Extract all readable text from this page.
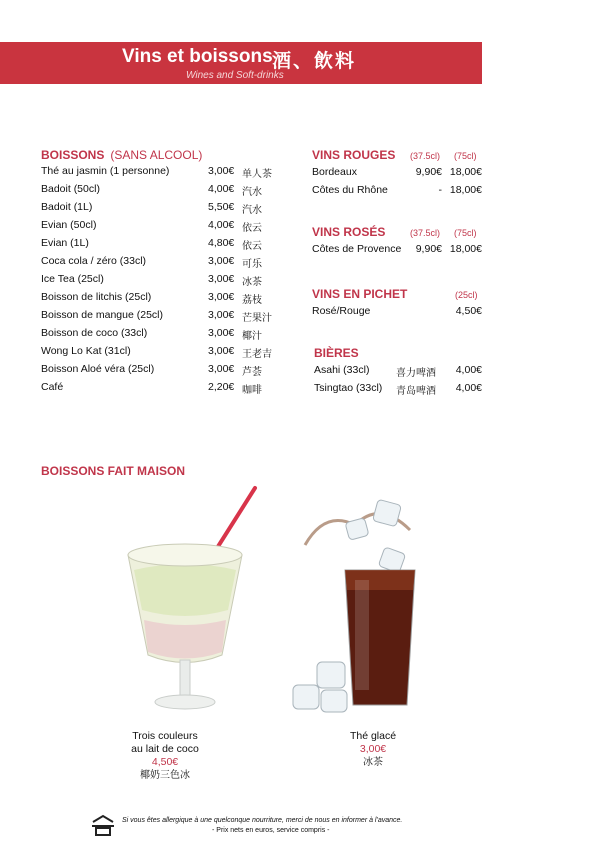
Vins et boissons 酒、飲料
Wines and Soft-drinks
BOISSONS (SANS ALCOOL)
Thé au jasmin (1 personne)	3,00€ 单人茶
Badoit (50cl)	4,00€ 汽水
Badoit (1L)	5,50€ 汽水
Evian (50cl)	4,00€ 依云
Evian (1L)	4,80€ 依云
Coca cola / zéro (33cl)	3,00€ 可乐
Ice Tea (25cl)	3,00€ 冰茶
Boisson de litchis (25cl)	3,00€ 荔枝
Boisson de mangue (25cl)	3,00€ 芒果汁
Boisson de coco (33cl)	3,00€ 椰汁
Wong Lo Kat (31cl)	3,00€ 王老吉
Boisson Aloé véra (25cl)	3,00€ 芦荟
Café	2,20€ 咖啡
VINS ROUGES (37.5cl) (75cl)
Bordeaux	9,90€ 18,00€
Côtes du Rhône	- 18,00€
VINS ROSÉS	(37.5cl) (75cl)
Côtes de Provence 9,90€ 18,00€
VINS EN PICHET	(25cl)
Rosé/Rouge	4,50€
BIÈRES
Asahi (33cl)	喜力啤酒 4,00€
Tsingtao (33cl) 青岛啤酒 4,00€
BOISSONS FAIT MAISON
Trois couleurs
au lait de coco
4,50€
椰奶三色冰
Thé glacé
3,00€
冰茶
Si vous êtes allergique à une quelconque nourriture, merci de nous en informer à l'avance.
- Prix nets en euros, service compris -
